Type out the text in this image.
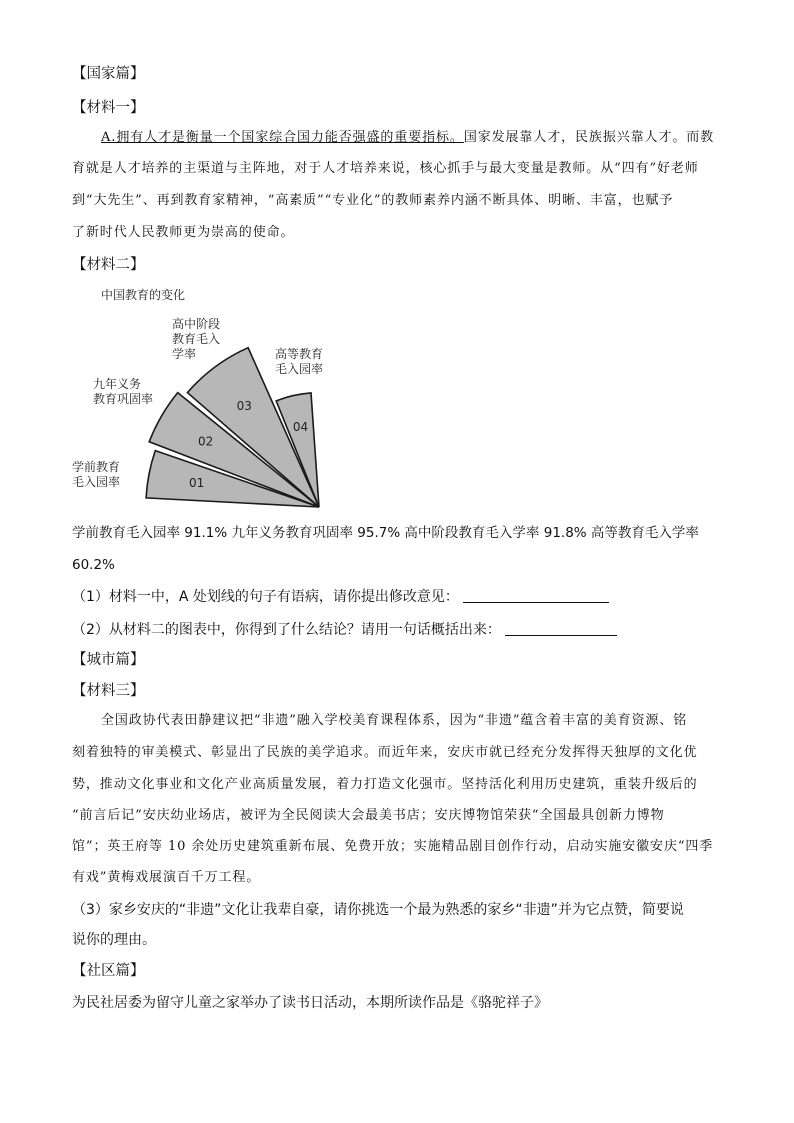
【国家篇】
【材料一】
A.拥有人才是衡量一个国家综合国力能否强盛的重要指标。国家发展靠人才，民族振兴靠人才。而教
育就是人才培养的主渠道与主阵地，对于人才培养来说，核心抓手与最大变量是教师。从“四有”好老师
到“大先生”、再到教育家精神，“高素质”“专业化”的教师素养内涵不断具体、明晰、丰富，也赋予
了新时代人民教师更为崇高的使命。
【材料二】
中国教育的变化
01
学前教育
毛入园率
02
九年义务
教育巩固率	03
高中阶段
教育毛入
学率
04
高等教育
毛入园率
学前教育毛入园率 91.1% 九年义务教育巩固率 95.7% 高中阶段教育毛入学率 91.8% 高等教育毛入学率
60.2%
（1）材料一中，A 处划线的句子有语病，请你提出修改意见：
（2）从材料二的图表中，你得到了什么结论？请用一句话概括出来：
【城市篇】
【材料三】
全国政协代表田静建议把“非遗”融入学校美育课程体系，因为“非遗”蕴含着丰富的美育资源、铭
刻着独特的审美模式、彰显出了民族的美学追求。而近年来，安庆市就已经充分发挥得天独厚的文化优
势，推动文化事业和文化产业高质量发展，着力打造文化强市。坚持活化利用历史建筑，重装升级后的
“前言后记”安庆幼业场店，被评为全民阅读大会最美书店；安庆博物馆荣获“全国最具创新力博物
馆”；英王府等 10 余处历史建筑重新布展、免费开放；实施精品剧目创作行动，启动实施安徽安庆“四季
有戏”黄梅戏展演百千万工程。
（3）家乡安庆的“非遗”文化让我辈自豪，请你挑选一个最为熟悉的家乡“非遗”并为它点赞，简要说
说你的理由。
【社区篇】
为民社居委为留守儿童之家举办了读书日活动，本期所读作品是《骆驼祥子》
